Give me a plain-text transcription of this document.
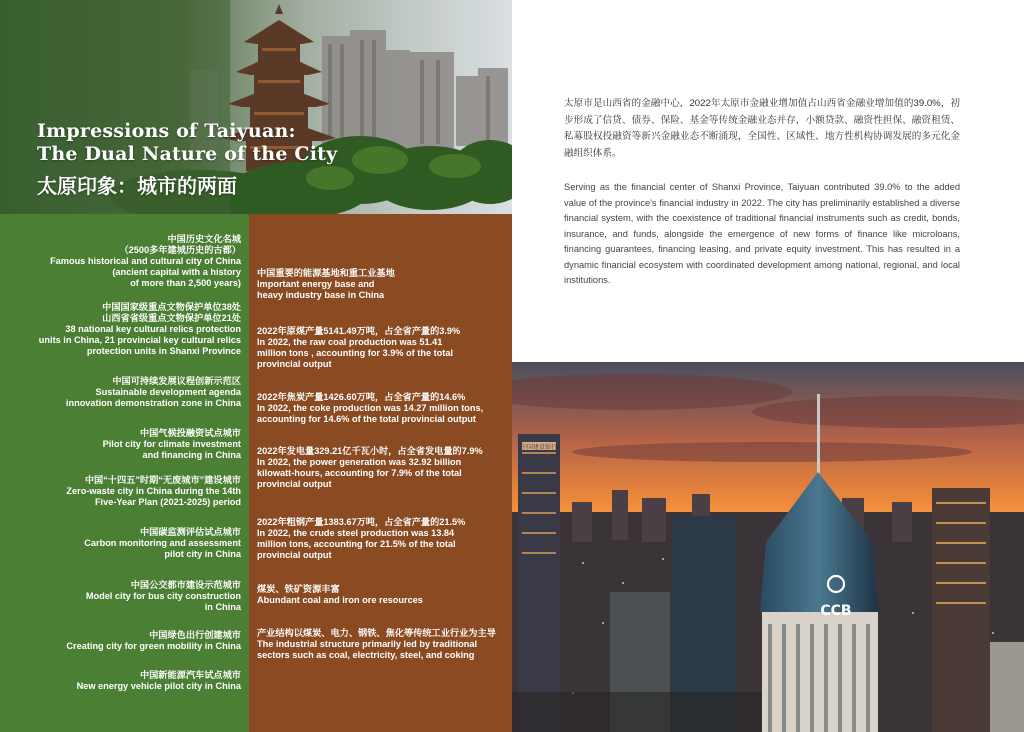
Impressions of Taiyuan:
The Dual Nature of the City
太原印象：城市的两面
中国历史文化名城
（2500多年建城历史的古都）
Famous historical and cultural city of China
(ancient capital with a history
of more than 2,500 years)
中国国家级重点文物保护单位38处
山西省省级重点文物保护单位21处
38 national key cultural relics protection
units in China, 21 provincial key cultural relics
protection units in Shanxi Province
中国可持续发展议程创新示范区
Sustainable development agenda
innovation demonstration zone in China
中国气候投融资试点城市
Pilot city for climate investment
and financing in China
中国“十四五”时期“无废城市”建设城市
Zero-waste city in China during the 14th
Five-Year Plan (2021-2025) period
中国碳监测评估试点城市
Carbon monitoring and assessment
pilot city in China
中国公交都市建设示范城市
Model city for bus city construction
in China
中国绿色出行创建城市
Creating city for green mobility in China
中国新能源汽车试点城市
New energy vehicle pilot city in China
中国重要的能源基地和重工业基地
Important energy base and
heavy industry base in China
2022年原煤产量5141.49万吨，占全省产量的3.9%
In 2022, the raw coal production was 51.41
million tons , accounting for 3.9% of the total
provincial output
2022年焦炭产量1426.60万吨，占全省产量的14.6%
In 2022, the coke production was 14.27 million tons,
accounting for 14.6% of the total provincial output
2022年发电量329.21亿千瓦小时，占全省发电量的7.9%
In 2022, the power generation was 32.92 billion
kilowatt-hours, accounting for 7.9% of the total
provincial output
2022年粗钢产量1383.67万吨，占全省产量的21.5%
In 2022, the crude steel production was 13.84
million tons, accounting for 21.5% of the total
provincial output
煤炭、铁矿资源丰富
Abundant coal and iron ore resources
产业结构以煤炭、电力、钢铁、焦化等传统工业行业为主导
The industrial structure primarily led by traditional
sectors such as coal, electricity, steel, and coking

太原市是山西省的金融中心，2022年太原市金融业增加值占山西省金融业增加值的39.0%，初步形成了信贷、债券、保险、基金等传统金融业态并存，小额贷款、融资性担保、融资租赁、私募股权投融资等新兴金融业态不断涌现，全国性、区域性、地方性机构协调发展的多元化金融组织体系。

Serving as the financial center of Shanxi Province, Taiyuan contributed 39.0% to the added value of the province's financial industry in 2022. The city has preliminarily established a diverse financial system, with the coexistence of traditional financial instruments such as credit, bonds, insurance, and funds, alongside the emergence of new forms of finance like microloans, financing guarantees, financing leasing, and private equity investment. This has resulted in a dynamic financial ecosystem with coordinated development among national, regional, and local institutions.

中国建设银行
CCB
